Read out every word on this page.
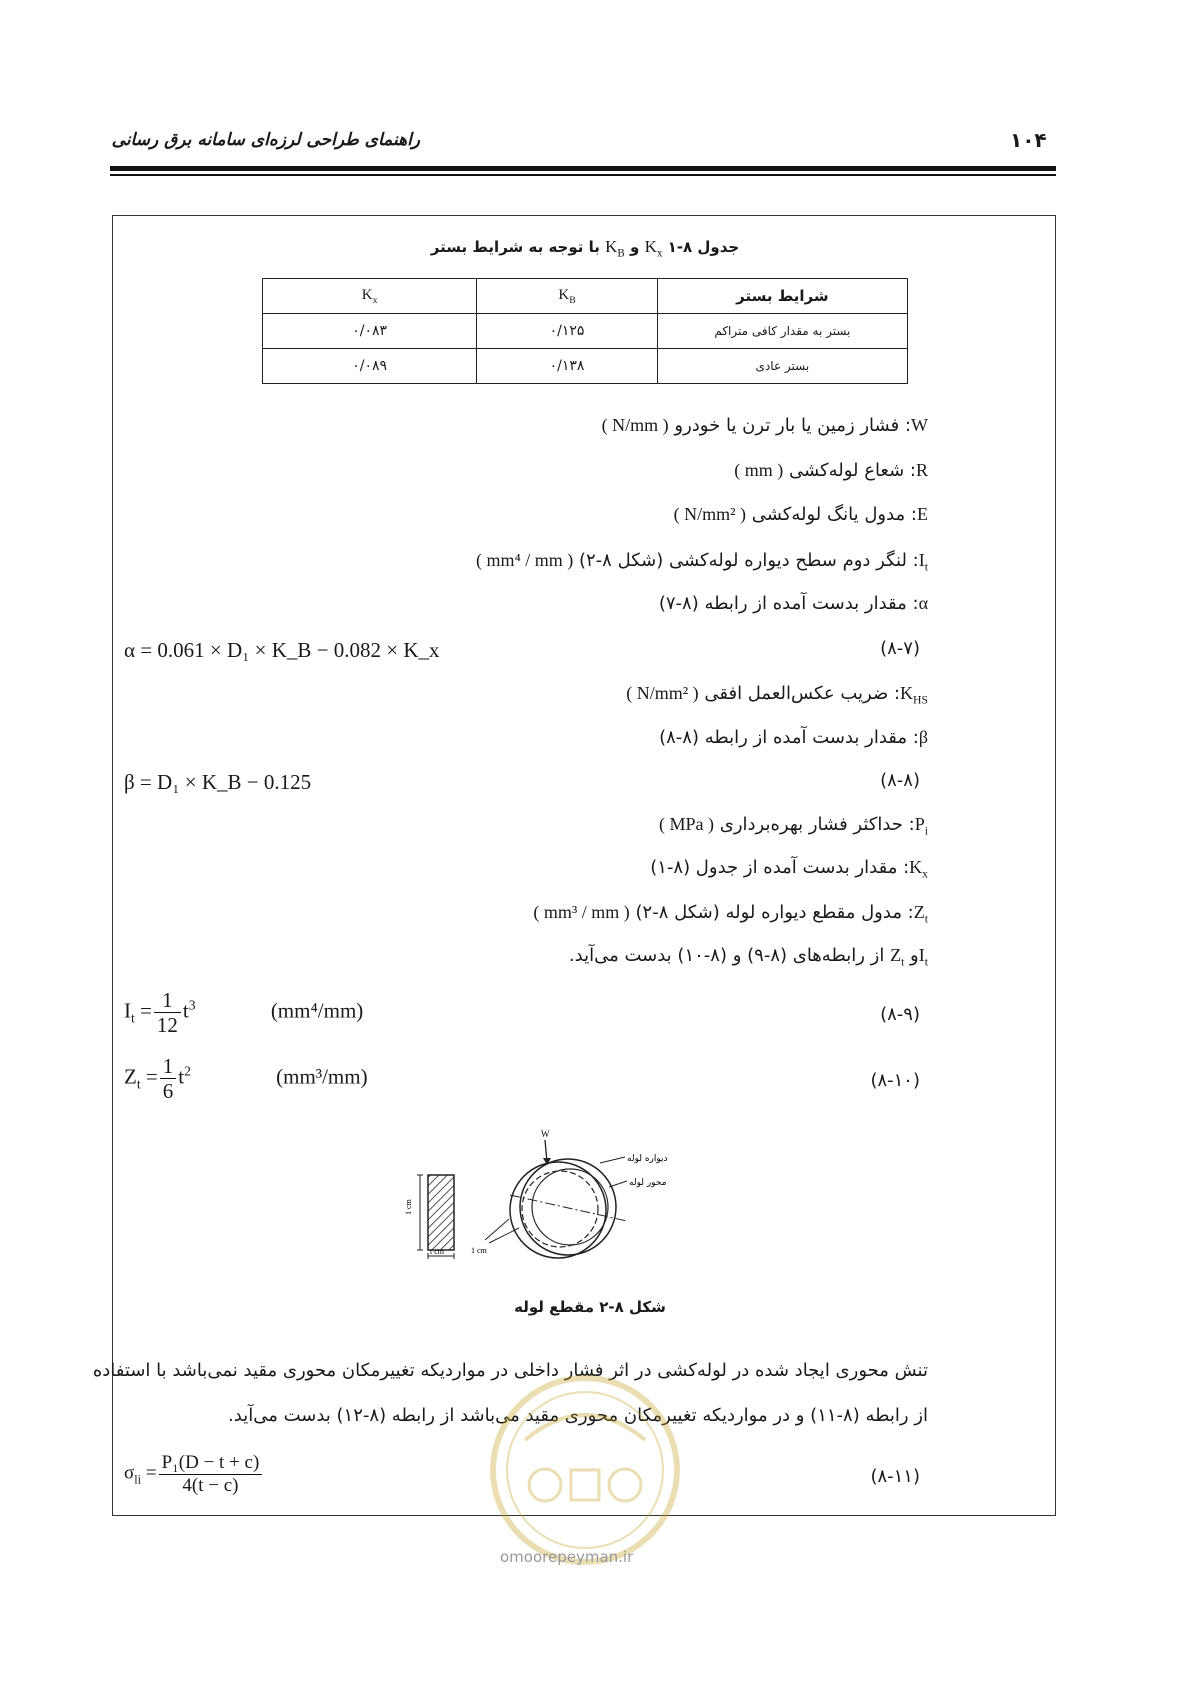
۱۰۴
راهنمای طراحی لرزه‌ای سامانه برق رسانی
جدول ۸-۱ $K_x$ و $K_B$ با توجه به شرایط بستر
شرایط بستر	$K_B$	$K_x$
بستر به مقدار کافی متراکم	۰/۱۲۵	۰/۰۸۳
بستر عادی	۰/۱۳۸	۰/۰۸۹
W: فشار زمین یا بار ترن یا خودرو ( N/mm )
R: شعاع لوله‌کشی ( mm )
E: مدول یانگ لوله‌کشی ( N/mm² )
$I_t$: لنگر دوم سطح دیواره لوله‌کشی (شکل ۸-۲) ( mm⁴ / mm )
α: مقدار بدست آمده از رابطه (۸-۷)
α = 0.061 × D₁ × K_B − 0.082 × K_x	(۸-۷)
$K_{HS}$: ضریب عکس‌العمل افقی ( N/mm² )
β: مقدار بدست آمده از رابطه (۸-۸)
β = D₁ × K_B − 0.125	(۸-۸)
$P_i$: حداکثر فشار بهره‌برداری ( MPa )
$K_x$: مقدار بدست آمده از جدول (۸-۱)
$Z_t$: مدول مقطع دیواره لوله (شکل ۸-۲) ( mm³ / mm )
$I_tو$ $Z_t$ از رابطه‌های (۸-۹) و (۸-۱۰) بدست می‌آید.
$I_t = \frac{1}{12} t^3$	(mm⁴/mm)	(۸-۹)
$Z_t = \frac{1}{6} t^2$	(mm³/mm)	(۸-۱۰)
1 cm
t cm
W
دیواره لوله
محور لوله
1 cm
شکل ۸-۲ مقطع لوله
تنش محوری ایجاد شده در لوله‌کشی در اثر فشار داخلی در مواردیکه تغییرمکان محوری مقید نمی‌باشد با استفاده
از رابطه (۸-۱۱) و در مواردیکه تغییرمکان محوری مقید می‌باشد از رابطه (۸-۱۲) بدست می‌آید.
$\sigma_{li} = \frac{\text{P₁(D − t + c)}}{4(t - c)}$	(۸-۱۱)
omoorepeyman.ir
